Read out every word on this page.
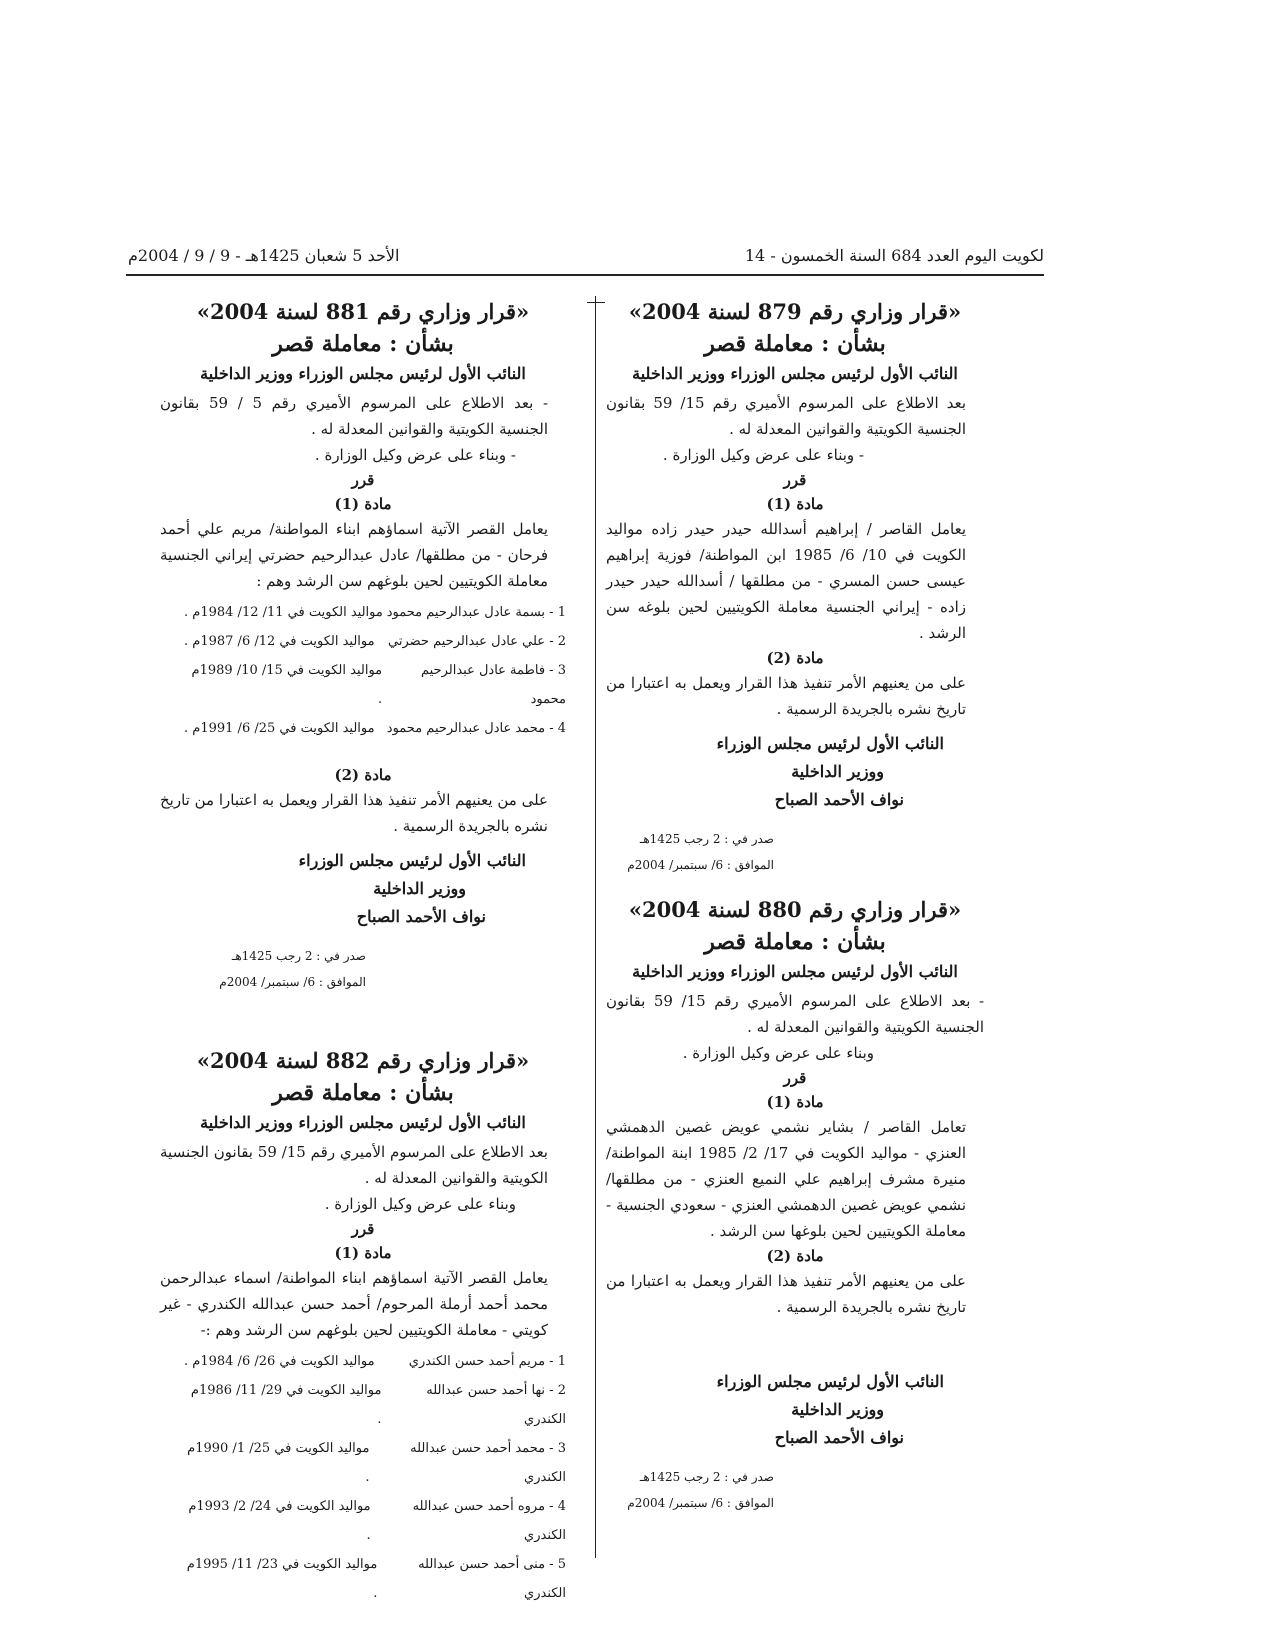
لكويت اليوم العدد 684 السنة الخمسون - 14
الأحد 5 شعبان 1425هـ - 9 / 9 / 2004م
«قرار وزاري رقم 879 لسنة 2004»
بشأن : معاملة قصر
النائب الأول لرئيس مجلس الوزراء ووزير الداخلية

بعد الاطلاع على المرسوم الأميري رقم 15/ 59 بقانون الجنسية الكويتية والقوانين المعدلة له .

- وبناء على عرض وكيل الوزارة .

قرر
مادة (1)

يعامل القاصر / إبراهيم أسدالله حيدر حيدر زاده مواليد الكويت في 10/ 6/ 1985 ابن المواطنة/ فوزية إبراهيم عيسى حسن المسري - من مطلقها / أسدالله حيدر حيدر زاده - إيراني الجنسية معاملة الكويتيين لحين بلوغه سن الرشد .

مادة (2)

على من يعنيهم الأمر تنفيذ هذا القرار ويعمل به اعتبارا من تاريخ نشره بالجريدة الرسمية .

النائب الأول لرئيس مجلس الوزراء
ووزير الداخلية
نواف الأحمد الصباح
صدر في : 2 رجب 1425هـ
الموافق : 6/ سبتمبر/ 2004م
«قرار وزاري رقم 880 لسنة 2004»
بشأن : معاملة قصر
النائب الأول لرئيس مجلس الوزراء ووزير الداخلية

- بعد الاطلاع على المرسوم الأميري رقم 15/ 59 بقانون الجنسية الكويتية والقوانين المعدلة له .

وبناء على عرض وكيل الوزارة .

قرر
مادة (1)

تعامل القاصر / بشاير نشمي عويض غصين الدهمشي العنزي - مواليد الكويت في 17/ 2/ 1985 ابنة المواطنة/ منيرة مشرف إبراهيم علي النميع العنزي - من مطلقها/ نشمي عويض غصين الدهمشي العنزي - سعودي الجنسية - معاملة الكويتيين لحين بلوغها سن الرشد .

مادة (2)

على من يعنيهم الأمر تنفيذ هذا القرار ويعمل به اعتبارا من تاريخ نشره بالجريدة الرسمية .

النائب الأول لرئيس مجلس الوزراء
ووزير الداخلية
نواف الأحمد الصباح
صدر في : 2 رجب 1425هـ
الموافق : 6/ سبتمبر/ 2004م
«قرار وزاري رقم 881 لسنة 2004»
بشأن : معاملة قصر
النائب الأول لرئيس مجلس الوزراء ووزير الداخلية

- بعد الاطلاع على المرسوم الأميري رقم 5 / 59 بقانون الجنسية الكويتية والقوانين المعدلة له .

- وبناء على عرض وكيل الوزارة .

قرر
مادة (1)

يعامل القصر الآتية اسماؤهم ابناء المواطنة/ مريم علي أحمد فرحان - من مطلقها/ عادل عبدالرحيم حضرتي إيراني الجنسية معاملة الكويتيين لحين بلوغهم سن الرشد وهم :

1 - بسمة عادل عبدالرحيم محمود
مواليد الكويت في 11/ 12/ 1984م .
2 - علي عادل عبدالرحيم حضرتي
مواليد الكويت في 12/ 6/ 1987م .
3 - فاطمة عادل عبدالرحيم محمود
مواليد الكويت في 15/ 10/ 1989م .
4 - محمد عادل عبدالرحيم محمود
مواليد الكويت في 25/ 6/ 1991م .
مادة (2)

على من يعنيهم الأمر تنفيذ هذا القرار ويعمل به اعتبارا من تاريخ نشره بالجريدة الرسمية .

النائب الأول لرئيس مجلس الوزراء
ووزير الداخلية
نواف الأحمد الصباح
صدر في : 2 رجب 1425هـ
الموافق : 6/ سبتمبر/ 2004م
«قرار وزاري رقم 882 لسنة 2004»
بشأن : معاملة قصر
النائب الأول لرئيس مجلس الوزراء ووزير الداخلية

بعد الاطلاع على المرسوم الأميري رقم 15/ 59 بقانون الجنسية الكويتية والقوانين المعدلة له .

وبناء على عرض وكيل الوزارة .

قرر
مادة (1)

يعامل القصر الآتية اسماؤهم ابناء المواطنة/ اسماء عبدالرحمن محمد أحمد أرملة المرحوم/ أحمد حسن عبدالله الكندري - غير كويتي - معاملة الكويتيين لحين بلوغهم سن الرشد وهم :-

1 - مريم أحمد حسن الكندري
مواليد الكويت في 26/ 6/ 1984م .
2 - نها أحمد حسن عبدالله الكندري
مواليد الكويت في 29/ 11/ 1986م .
3 - محمد أحمد حسن عبدالله الكندري
مواليد الكويت في 25/ 1/ 1990م .
4 - مروه أحمد حسن عبدالله الكندري
مواليد الكويت في 24/ 2/ 1993م .
5 - منى أحمد حسن عبدالله الكندري
مواليد الكويت في 23/ 11/ 1995م .
